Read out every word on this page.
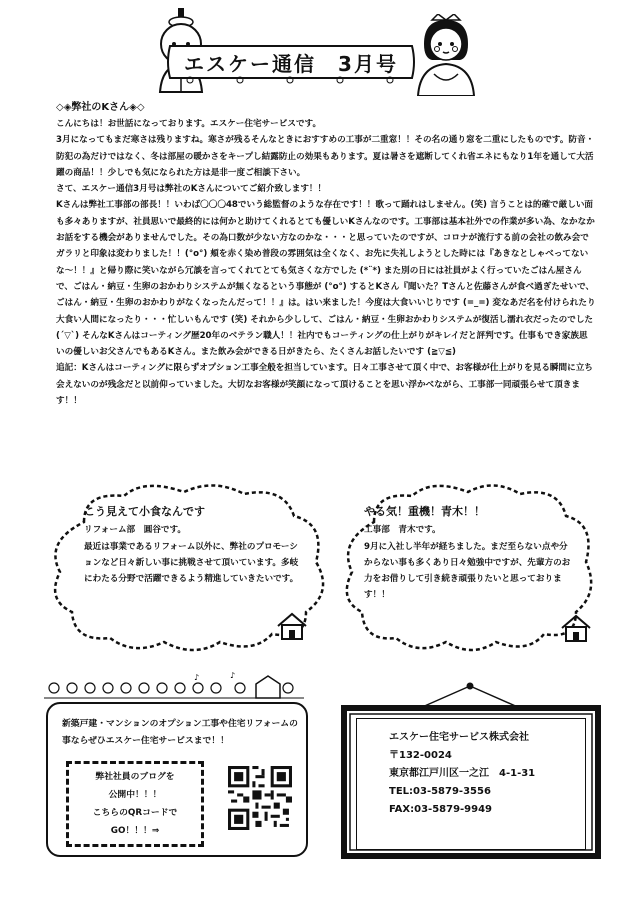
エスケー通信　3月号
◇◈弊社のKさん◈◇

こんにちは！お世話になっております。エスケー住宅サービスです。

3月になってもまだ寒さは残りますね。寒さが残るそんなときにおすすめの工事が二重窓！！その名の通り窓を二重にしたものです。防音・防犯の為だけではなく、冬は部屋の暖かさをキープし結露防止の効果もあります。夏は暑さを遮断してくれ省エネにもなり1年を通して大活躍の商品！！少しでも気になられた方は是非一度ご相談下さい。

さて、エスケー通信3月号は弊社のKさんについてご紹介致します！！

Kさんは弊社工事部の部長！！いわば〇〇〇48でいう総監督のような存在です！！歌って踊れはしません。(笑) 言うことは的確で厳しい面も多々ありますが、社員思いで最終的には何かと助けてくれるとても優しいKさんなのです。工事部は基本社外での作業が多い為、なかなかお話をする機会がありませんでした。その為口数が少ない方なのかな・・・と思っていたのですが、コロナが流行する前の会社の飲み会でガラリと印象は変わりました！！(°o°) 頬を赤く染め普段の雰囲気は全くなく、お先に失礼しようとした時には『あきなとしゃべってないな～！！』と帰り際に笑いながら冗談を言ってくれてとても気さくな方でした (*¨*) また別の日には社員がよく行っていたごはん屋さんで、ごはん・納豆・生卵のおかわりシステムが無くなるという事態が (°o°) するとKさん『聞いた？Tさんと佐藤さんが食べ過ぎたせいで、ごはん・納豆・生卵のおかわりがなくなったんだって！！』は。はい来ました！今度は大食いいじりです (=_=) 変なあだ名を付けられたり大食い人間になったり・・・忙しいもんです (笑) それから少しして、ごはん・納豆・生卵おかわりシステムが復活し濡れ衣だったのでした (´▽`) そんなKさんはコーティング歴20年のベテラン職人！！社内でもコーティングの仕上がりがキレイだと評判です。仕事もでき家族思いの優しいお父さんでもあるKさん。また飲み会ができる日がきたら、たくさんお話したいです (≧▽≦)

追記：Kさんはコーティングに限らずオプション工事全般を担当しています。日々工事させて頂く中で、お客様が仕上がりを見る瞬間に立ち会えないのが残念だと以前仰っていました。大切なお客様が笑顔になって頂けることを思い浮かべながら、工事部一同頑張らせて頂きます！！

こう見えて小食なんです
リフォーム部　圓谷です。
最近は事業であるリフォーム以外に、弊社のプロモーションなど日々新しい事に挑戦させて頂いています。多岐にわたる分野で活躍できるよう精進していきたいです。
やる気！重機！青木！！
工事部　青木です。
9月に入社し半年が経ちました。まだ至らない点や分からない事も多くあり日々勉強中ですが、先輩方のお力をお借りして引き続き頑張りたいと思っております！！
♪	♪
新築戸建・マンションのオプション工事や住宅リフォームの事ならぜひエスケー住宅サービスまで！！
弊社社員のブログを
公開中！！！
こちらのQRコードで
GO！！！⇒
エスケー住宅サービス株式会社
〒132-0024
東京都江戸川区一之江　4-1-31
TEL:03-5879-3556
FAX:03-5879-9949
